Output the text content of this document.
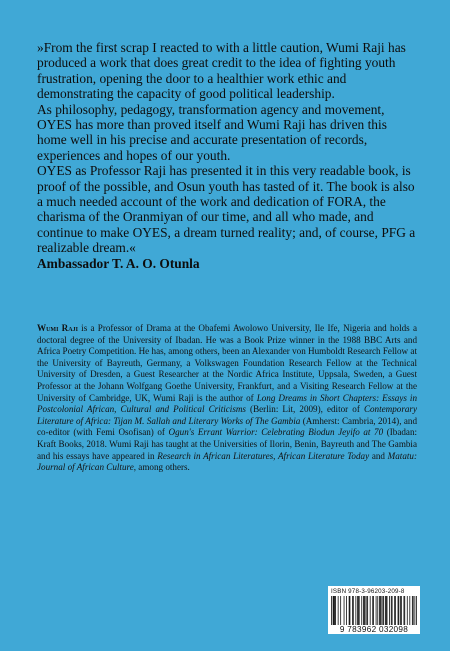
»From the first scrap I reacted to with a little caution, Wumi Raji has produced a work that does great credit to the idea of fighting youth frustration, opening the door to a healthier work ethic and demonstrating the capacity of good political leadership.

As philosophy, pedagogy, transformation agency and movement, OYES has more than proved itself and Wumi Raji has driven this home well in his precise and accurate presentation of records, experiences and hopes of our youth.

OYES as Professor Raji has presented it in this very readable book, is proof of the possible, and Osun youth has tasted of it. The book is also a much needed account of the work and dedication of FORA, the charisma of the Oranmiyan of our time, and all who made, and continue to make OYES, a dream turned reality; and, of course, PFG a realizable dream.«

Ambassador T. A. O. Otunla

Wumi Raji is a Professor of Drama at the Obafemi Awolowo University, Ile Ife, Nigeria and holds a doctoral degree of the University of Ibadan. He was a Book Prize winner in the 1988 BBC Arts and Africa Poetry Competition. He has, among others, been an Alexander von Humboldt Research Fellow at the University of Bayreuth, Germany, a Volkswagen Foundation Research Fellow at the Technical University of Dresden, a Guest Researcher at the Nordic Africa Institute, Uppsala, Sweden, a Guest Professor at the Johann Wolfgang Goethe University, Frankfurt, and a Visiting Research Fellow at the University of Cambridge, UK, Wumi Raji is the author of Long Dreams in Short Chapters: Essays in Postcolonial African, Cultural and Political Criticisms (Berlin: Lit, 2009), editor of Contemporary Literature of Africa: Tijan M. Sallah and Literary Works of The Gambia (Amherst: Cambria, 2014), and co-editor (with Femi Osofisan) of Ogun's Errant Warrior: Celebrating Biodun Jeyifo at 70 (Ibadan: Kraft Books, 2018. Wumi Raji has taught at the Universities of Ilorin, Benin, Bayreuth and The Gambia and his essays have appeared in Research in African Literatures, African Literature Today and Matatu: Journal of African Culture, among others.
ISBN 978-3-96203-209-8
9 783962 032098
